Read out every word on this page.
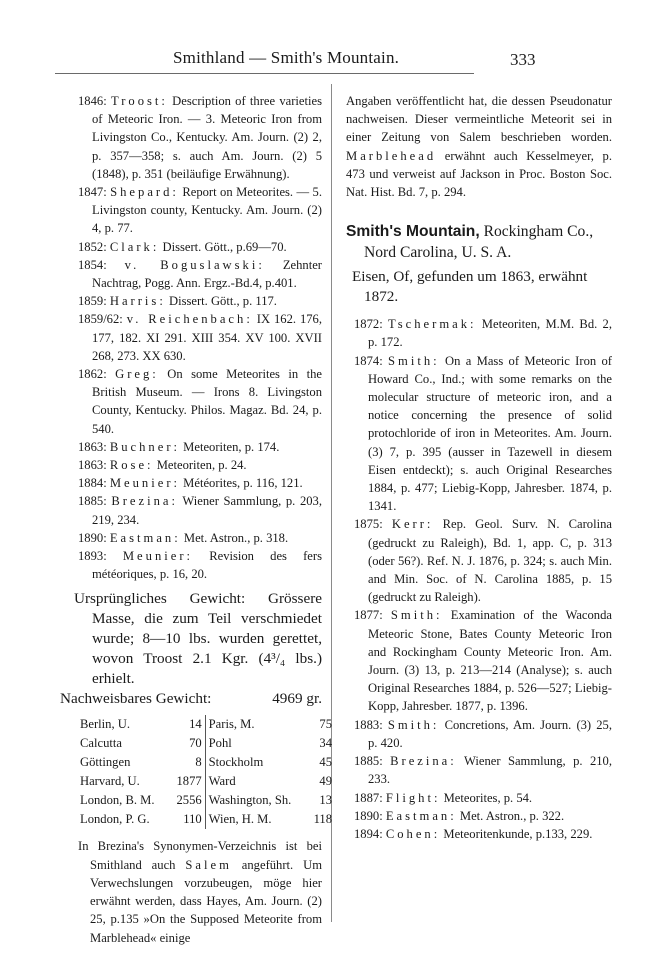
Smithland — Smith's Mountain.	333
1846: Troost: Description of three varieties of Meteoric Iron. — 3. Meteoric Iron from Livingston Co., Kentucky. Am. Journ. (2) 2, p. 357—358; s. auch Am. Journ. (2) 5 (1848), p. 351 (beiläufige Erwähnung).
1847: Shepard: Report on Meteorites. — 5. Livingston county, Kentucky. Am. Journ. (2) 4, p. 77.
1852: Clark: Dissert. Gött., p.69—70.
1854: v. Boguslawski: Zehnter Nachtrag, Pogg. Ann. Ergz.-Bd.4, p.401.
1859: Harris: Dissert. Gött., p. 117.
1859/62: v. Reichenbach: IX 162. 176, 177, 182. XI 291. XIII 354. XV 100. XVII 268, 273. XX 630.
1862: Greg: On some Meteorites in the British Museum. — Irons 8. Livingston County, Kentucky. Philos. Magaz. Bd. 24, p. 540.
1863: Buchner: Meteoriten, p. 174.
1863: Rose: Meteoriten, p. 24.
1884: Meunier: Météorites, p. 116, 121.
1885: Brezina: Wiener Sammlung, p. 203, 219, 234.
1890: Eastman: Met. Astron., p. 318.
1893: Meunier: Revision des fers météoriques, p. 16, 20.
Ursprüngliches Gewicht: Grössere Masse, die zum Teil verschmiedet wurde; 8—10 lbs. wurden gerettet, wovon Troost 2.1 Kgr. (4³/₄ lbs.) erhielt.
Nachweisbares Gewicht:	4969 gr.
Berlin, U.	14	Paris, M.	75
Calcutta	70	Pohl	34
Göttingen	8	Stockholm	45
Harvard, U.	1877	Ward	49
London, B. M.	2556	Washington, Sh.	13
London, P. G.	110	Wien, H. M.	118
In Brezina's Synonymen-Verzeichnis ist bei Smithland auch Salem angeführt. Um Verwechslungen vorzubeugen, möge hier erwähnt werden, dass Hayes, Am. Journ. (2) 25, p.135 »On the Supposed Meteorite from Marblehead« einige
Angaben veröffentlicht hat, die dessen Pseudonatur nachweisen. Dieser vermeintliche Meteorit sei in einer Zeitung von Salem beschrieben worden. Marblehead erwähnt auch Kesselmeyer, p. 473 und verweist auf Jackson in Proc. Boston Soc. Nat. Hist. Bd. 7, p. 294.
Smith's Mountain, Rockingham Co., Nord Carolina, U. S. A.
Eisen, Of, gefunden um 1863, erwähnt 1872.
1872: Tschermak: Meteoriten, M.M. Bd. 2, p. 172.
1874: Smith: On a Mass of Meteoric Iron of Howard Co., Ind.; with some remarks on the molecular structure of meteoric iron, and a notice concerning the presence of solid protochloride of iron in Meteorites. Am. Journ. (3) 7, p. 395 (ausser in Tazewell in diesem Eisen entdeckt); s. auch Original Researches 1884, p. 477; Liebig-Kopp, Jahresber. 1874, p. 1341.
1875: Kerr: Rep. Geol. Surv. N. Carolina (gedruckt zu Raleigh), Bd. 1, app. C, p. 313 (oder 56?). Ref. N. J. 1876, p. 324; s. auch Min. and Min. Soc. of N. Carolina 1885, p. 15 (gedruckt zu Raleigh).
1877: Smith: Examination of the Waconda Meteoric Stone, Bates County Meteoric Iron and Rockingham County Meteoric Iron. Am. Journ. (3) 13, p. 213—214 (Analyse); s. auch Original Researches 1884, p. 526—527; Liebig-Kopp, Jahresber. 1877, p. 1396.
1883: Smith: Concretions, Am. Journ. (3) 25, p. 420.
1885: Brezina: Wiener Sammlung, p. 210, 233.
1887: Flight: Meteorites, p. 54.
1890: Eastman: Met. Astron., p. 322.
1894: Cohen: Meteoritenkunde, p.133, 229.
